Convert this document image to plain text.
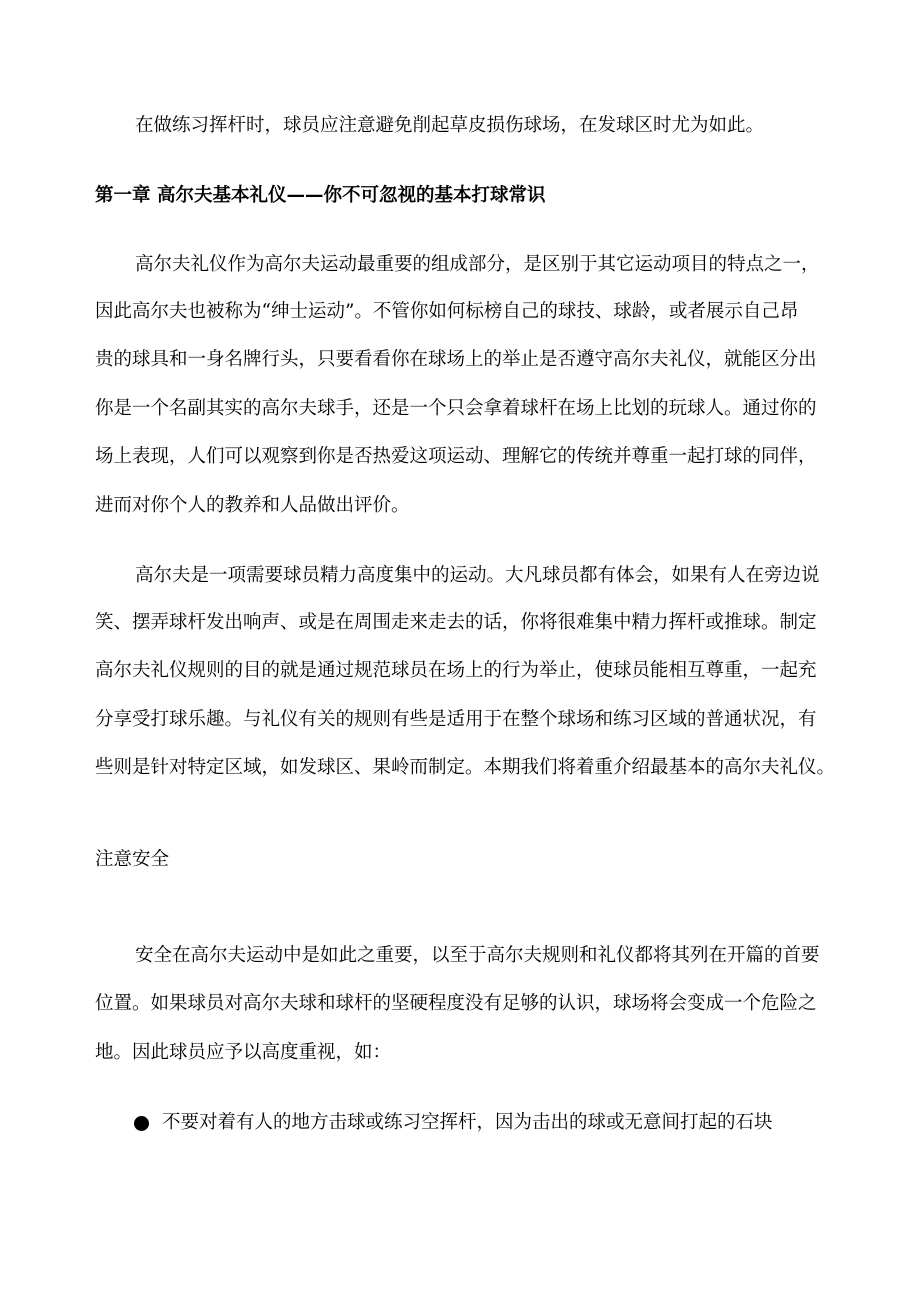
在做练习挥杆时，球员应注意避免削起草皮损伤球场，在发球区时尤为如此。
第一章 高尔夫基本礼仪——你不可忽视的基本打球常识
高尔夫礼仪作为高尔夫运动最重要的组成部分，是区别于其它运动项目的特点之一，
因此高尔夫也被称为“绅士运动”。不管你如何标榜自己的球技、球龄，或者展示自己昂
贵的球具和一身名牌行头，只要看看你在球场上的举止是否遵守高尔夫礼仪，就能区分出
你是一个名副其实的高尔夫球手，还是一个只会拿着球杆在场上比划的玩球人。通过你的
场上表现，人们可以观察到你是否热爱这项运动、理解它的传统并尊重一起打球的同伴，
进而对你个人的教养和人品做出评价。
高尔夫是一项需要球员精力高度集中的运动。大凡球员都有体会，如果有人在旁边说
笑、摆弄球杆发出响声、或是在周围走来走去的话，你将很难集中精力挥杆或推球。制定
高尔夫礼仪规则的目的就是通过规范球员在场上的行为举止，使球员能相互尊重，一起充
分享受打球乐趣。与礼仪有关的规则有些是适用于在整个球场和练习区域的普通状况，有
些则是针对特定区域，如发球区、果岭而制定。本期我们将着重介绍最基本的高尔夫礼仪。
注意安全
安全在高尔夫运动中是如此之重要，以至于高尔夫规则和礼仪都将其列在开篇的首要
位置。如果球员对高尔夫球和球杆的坚硬程度没有足够的认识，球场将会变成一个危险之
地。因此球员应予以高度重视，如：
不要对着有人的地方击球或练习空挥杆，因为击出的球或无意间打起的石块
